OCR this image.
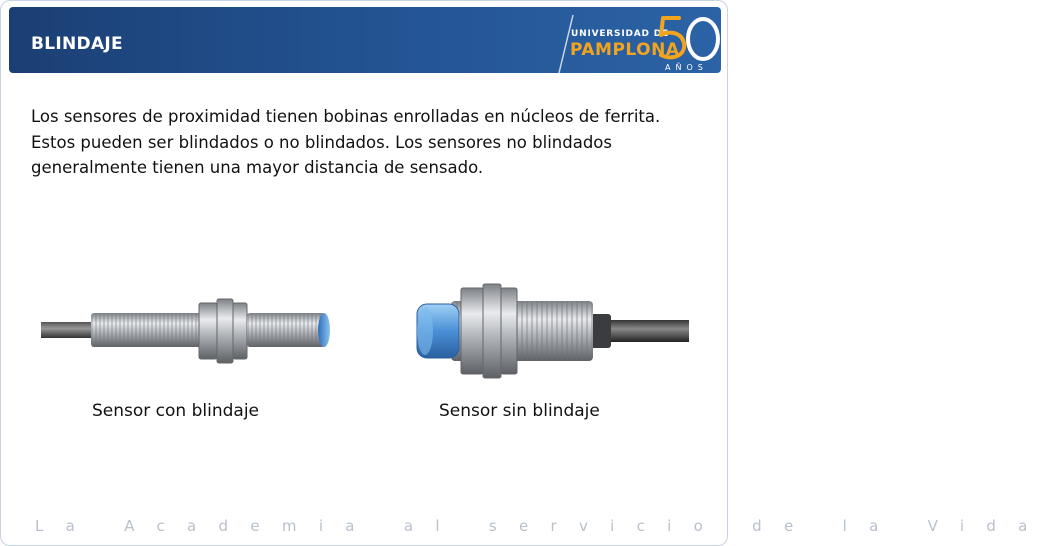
BLINDAJE	UNIVERSIDAD DE
PAMPLONA
AÑOS
Los sensores de proximidad tienen bobinas enrolladas en núcleos de ferrita. Estos pueden ser blindados o no blindados. Los sensores no blindados generalmente tienen una mayor distancia de sensado.
Sensor con blindaje	Sensor sin blindaje
La Academia al servicio de la Vida
